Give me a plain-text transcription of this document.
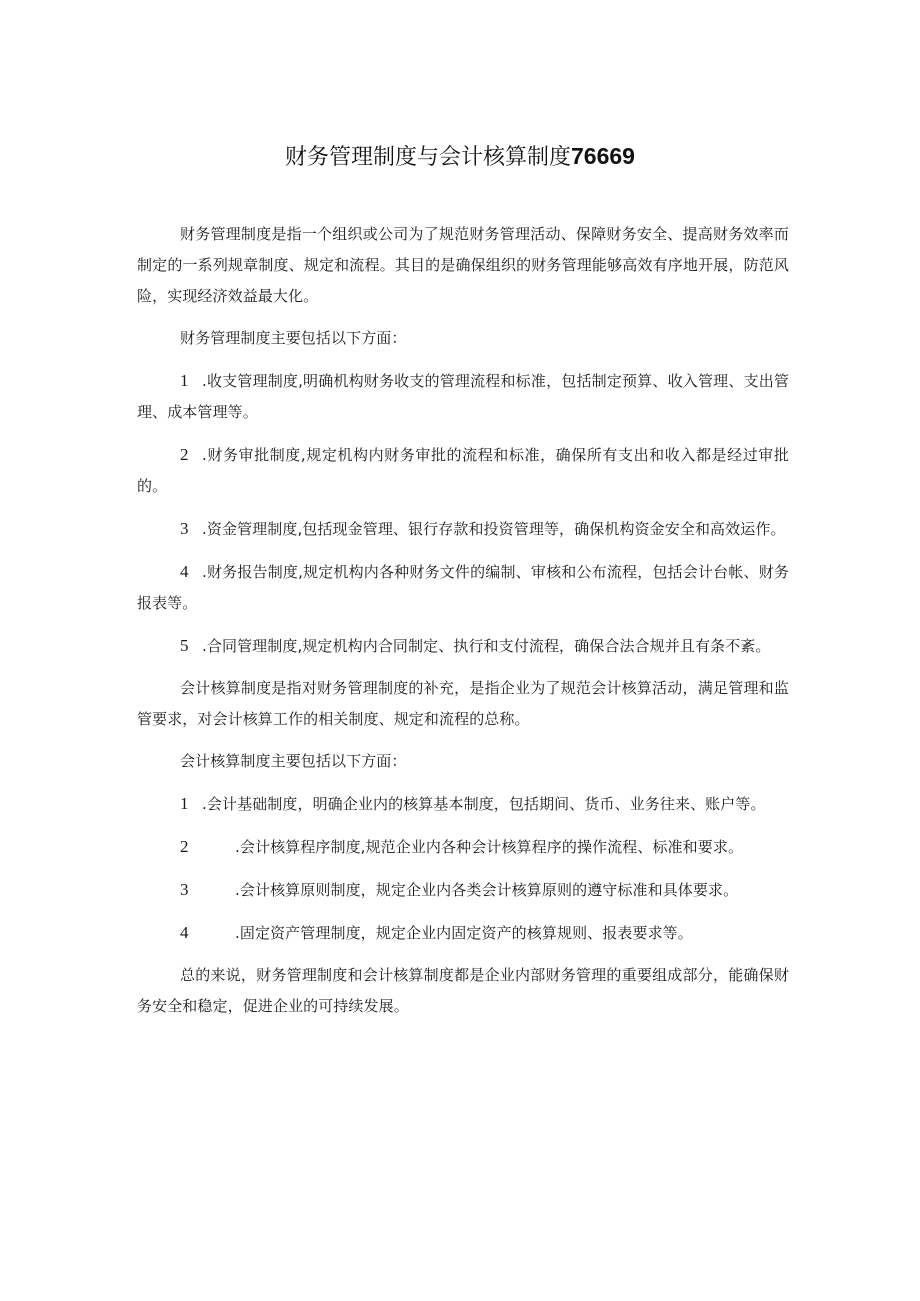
财务管理制度与会计核算制度76669

财务管理制度是指一个组织或公司为了规范财务管理活动、保障财务安全、提高财务效率而制定的一系列规章制度、规定和流程。其目的是确保组织的财务管理能够高效有序地开展，防范风险，实现经济效益最大化。

财务管理制度主要包括以下方面：

1 .收支管理制度,明确机构财务收支的管理流程和标准，包括制定预算、收入管理、支出管理、成本管理等。

2 .财务审批制度,规定机构内财务审批的流程和标准，确保所有支出和收入都是经过审批的。

3 .资金管理制度,包括现金管理、银行存款和投资管理等，确保机构资金安全和高效运作。

4 .财务报告制度,规定机构内各种财务文件的编制、审核和公布流程，包括会计台帐、财务报表等。

5 .合同管理制度,规定机构内合同制定、执行和支付流程，确保合法合规并且有条不紊。

会计核算制度是指对财务管理制度的补充，是指企业为了规范会计核算活动，满足管理和监管要求，对会计核算工作的相关制度、规定和流程的总称。

会计核算制度主要包括以下方面：

1 .会计基础制度，明确企业内的核算基本制度，包括期间、货币、业务往来、账户等。

2	.会计核算程序制度,规范企业内各种会计核算程序的操作流程、标准和要求。

3	.会计核算原则制度，规定企业内各类会计核算原则的遵守标准和具体要求。

4	.固定资产管理制度，规定企业内固定资产的核算规则、报表要求等。

总的来说，财务管理制度和会计核算制度都是企业内部财务管理的重要组成部分，能确保财务安全和稳定，促进企业的可持续发展。
